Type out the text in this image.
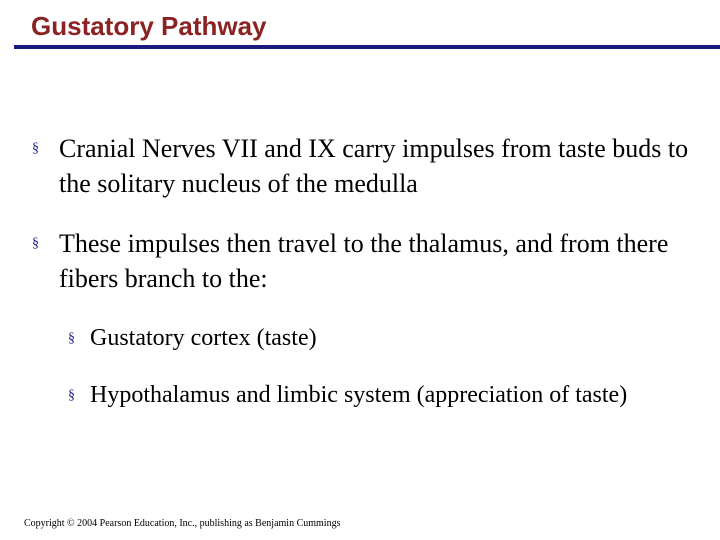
Gustatory Pathway
§ Cranial Nerves VII and IX carry impulses from taste buds to the solitary nucleus of the medulla
§ These impulses then travel to the thalamus, and from there fibers branch to the:
§ Gustatory cortex (taste)
§ Hypothalamus and limbic system (appreciation of taste)
Copyright © 2004 Pearson Education, Inc., publishing as Benjamin Cummings
